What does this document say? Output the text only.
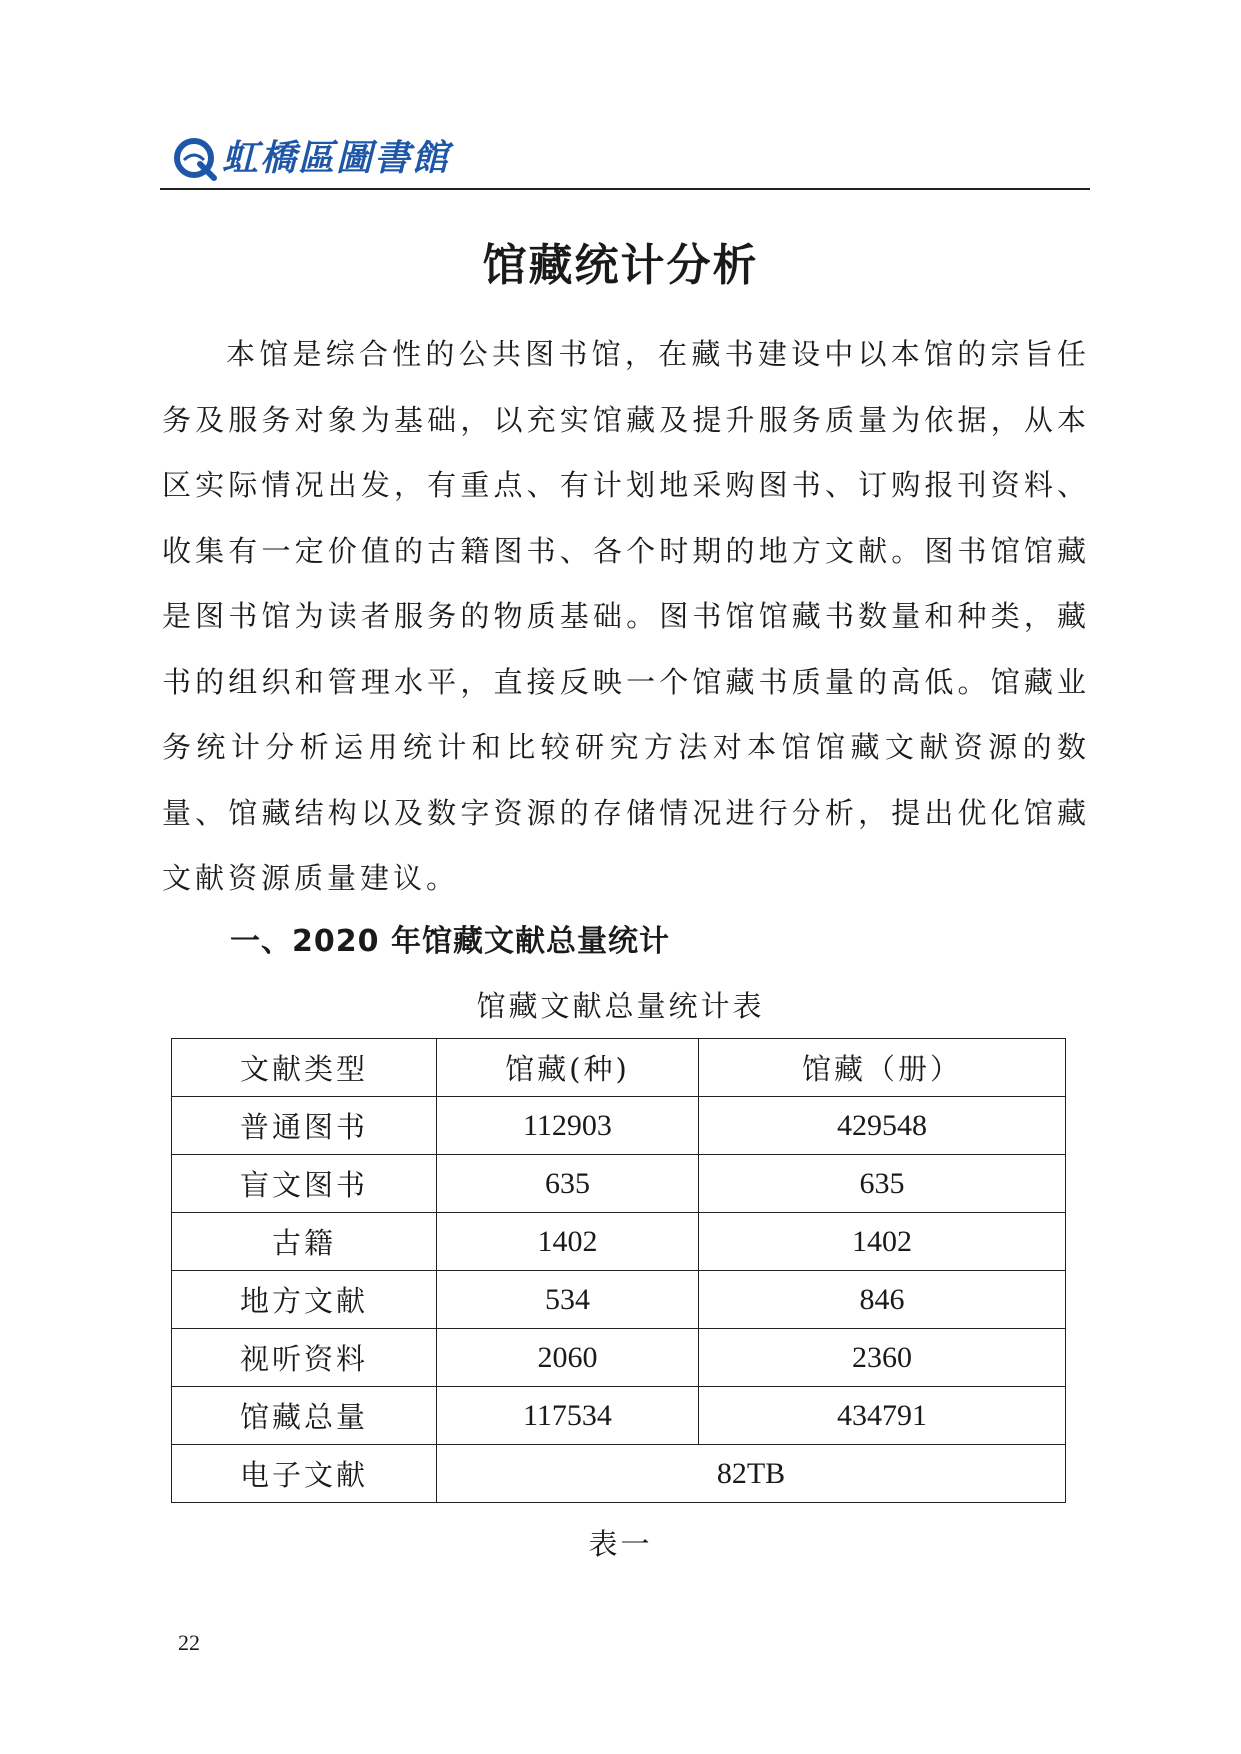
虹橋區圖書館
馆藏统计分析

本馆是综合性的公共图书馆，在藏书建设中以本馆的宗旨任务及服务对象为基础，以充实馆藏及提升服务质量为依据，从本区实际情况出发，有重点、有计划地采购图书、订购报刊资料、收集有一定价值的古籍图书、各个时期的地方文献。图书馆馆藏是图书馆为读者服务的物质基础。图书馆馆藏书数量和种类，藏书的组织和管理水平，直接反映一个馆藏书质量的高低。馆藏业务统计分析运用统计和比较研究方法对本馆馆藏文献资源的数量、馆藏结构以及数字资源的存储情况进行分析，提出优化馆藏文献资源质量建议。

一、2020 年馆藏文献总量统计
馆藏文献总量统计表
文献类型	馆藏(种)	馆藏（册）
普通图书	112903	429548
盲文图书	635	635
古籍	1402	1402
地方文献	534	846
视听资料	2060	2360
馆藏总量	117534	434791
电子文献	82TB	
表一
22
